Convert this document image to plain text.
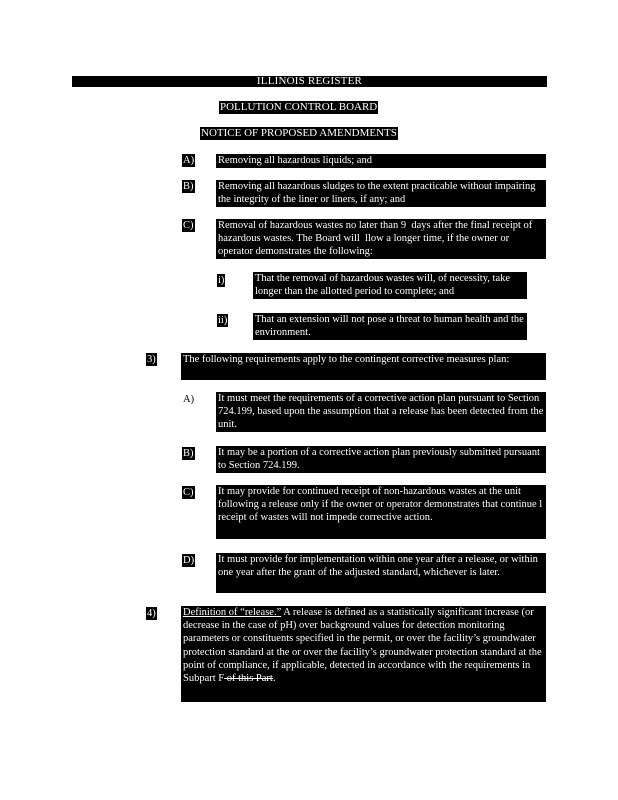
ILLINOIS REGISTER
POLLUTION CONTROL BOARD
NOTICE OF PROPOSED AMENDMENTS
A) Removing all hazardous liquids; and
B) Removing all hazardous sludges to the extent practicable without impairing the integrity of the liner or liners, if any; and
C) Removal of hazardous wastes no later than 9  days after the final receipt of hazardous wastes. The Board will  llow a longer time, if the owner or operator demonstrates the following:
i)	That the removal of hazardous wastes will, of necessity, take longer than the allotted period to complete; and
ii)	That an extension will not pose a threat to human health and the environment.
3)	The following requirements apply to the contingent corrective measures plan:
A) It must meet the requirements of a corrective action plan pursuant to Section 724.199, based upon the assumption that a release has been detected from the unit.
B) It may be a portion of a corrective action plan previously submitted pursuant to Section 724.199.
C) It may provide for continued receipt of non-hazardous wastes at the unit following a release only if the owner or operator demonstrates that continue l receipt of wastes will not impede corrective action.
D) It must provide for implementation within one year after a release, or within one year after the grant of the adjusted standard, whichever is later.
4)	Definition of “release.” A release is defined as a statistically significant increase (or decrease in the case of pH) over background values for detection monitoring parameters or constituents specified in the permit, or over the facility’s groundwater protection standard at the or over the facility’s groundwater protection standard at the point of compliance, if applicable, detected in accordance with the requirements in Subpart F of this Part.
